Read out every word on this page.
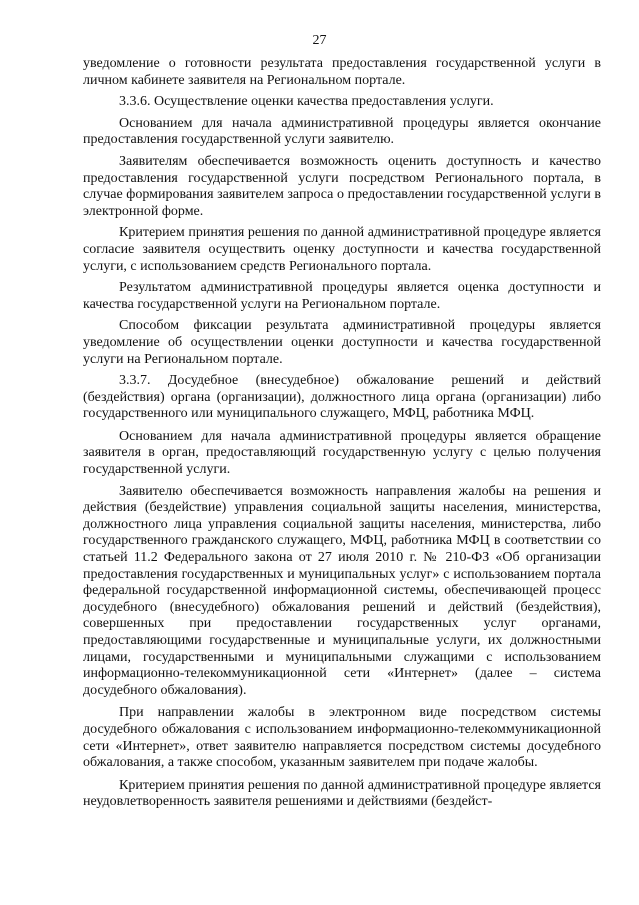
27

уведомление о готовности результата предоставления государственной услуги в личном кабинете заявителя на Региональном портале.

3.3.6. Осуществление оценки качества предоставления услуги.

Основанием для начала административной процедуры является окончание предоставления государственной услуги заявителю.

Заявителям обеспечивается возможность оценить доступность и качество предоставления государственной услуги посредством Регионального портала, в случае формирования заявителем запроса о предоставлении государственной услуги в электронной форме.

Критерием принятия решения по данной административной процедуре является согласие заявителя осуществить оценку доступности и качества государственной услуги, с использованием средств Регионального портала.

Результатом административной процедуры является оценка доступности и качества государственной услуги на Региональном портале.

Способом фиксации результата административной процедуры является уведомление об осуществлении оценки доступности и качества государственной услуги на Региональном портале.

3.3.7. Досудебное (внесудебное) обжалование решений и действий (бездействия) органа (организации), должностного лица органа (организации) либо государственного или муниципального служащего, МФЦ, работника МФЦ.

Основанием для начала административной процедуры является обращение заявителя в орган, предоставляющий государственную услугу с целью получения государственной услуги.

Заявителю обеспечивается возможность направления жалобы на решения и действия (бездействие) управления социальной защиты населения, министерства, должностного лица управления социальной защиты населения, министерства, либо государственного гражданского служащего, МФЦ, работника МФЦ в соответствии со статьей 11.2 Федерального закона от 27 июля 2010 г. № 210-ФЗ «Об организации предоставления государственных и муниципальных услуг» с использованием портала федеральной государственной информационной системы, обеспечивающей процесс досудебного (внесудебного) обжалования решений и действий (бездействия), совершенных при предоставлении государственных услуг органами, предоставляющими государственные и муниципальные услуги, их должностными лицами, государственными и муниципальными служащими с использованием информационно-телекоммуникационной сети «Интернет» (далее – система досудебного обжалования).

При направлении жалобы в электронном виде посредством системы досудебного обжалования с использованием информационно-телекоммуникационной сети «Интернет», ответ заявителю направляется посредством системы досудебного обжалования, а также способом, указанным заявителем при подаче жалобы.

Критерием принятия решения по данной административной процедуре является неудовлетворенность заявителя решениями и действиями (бездейст-
